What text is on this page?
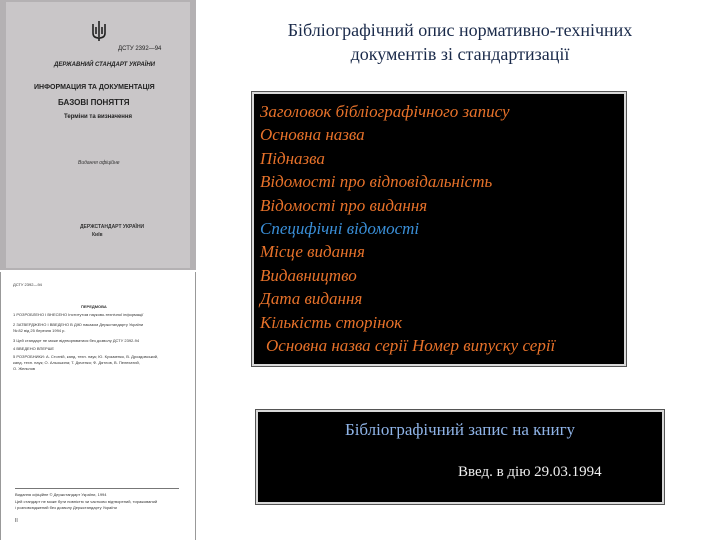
ДСТУ 2392—94
ДЕРЖАВНИЙ СТАНДАРТ УКРАЇНИ
ИНФОРМАЦИЯ ТА ДОКУМЕНТАЦІЯ
БАЗОВІ ПОНЯТТЯ
Терміни та визначення
Видання офіційне
ДЕРЖСТАНДАРТ УКРАЇНИ
Київ
ДСТУ 2392—94
ПЕРЕДМОВА
1 РОЗРОБЛЕНО І ВНЕСЕНО Інститутом науково-технічної інформації
2 ЗАТВЕРДЖЕНО І ВВЕДЕНО В ДІЮ наказом Держстандарту України
№ 82 від 25 березня 1994 р.
3 Цей стандарт не може відтворюватися без дозволу ДСТУ 2392-94
4 ВВЕДЕНО ВПЕРШЕ
5 РОЗРОБНИКИ: А. Стогній, канд. техн. наук; Ю. Кузьменко, В. Дроздовський,
канд. техн. наук; О. Альошина; Т. Дяченко; Ф. Дятлов, В. Пелехатий,
О. Жельнов
Видання офіційне © Держстандарт України, 1994
Цей стандарт не може бути повністю чи частково відтворений, тиражований
і розповсюджений без дозволу Держстандарту України
II
Бібліографічний опис нормативно-технічних
документів зі стандартизації
Заголовок бібліографічного запису
Основна назва
Підназва
Відомості про відповідальність
Відомості про видання
Специфічні відомості
Місце видання
Видавництво
Дата видання
Кількість сторінок
Основна назва серії Номер випуску серії
Бібліографічний запис на книгу
Введ. в дію 29.03.1994
